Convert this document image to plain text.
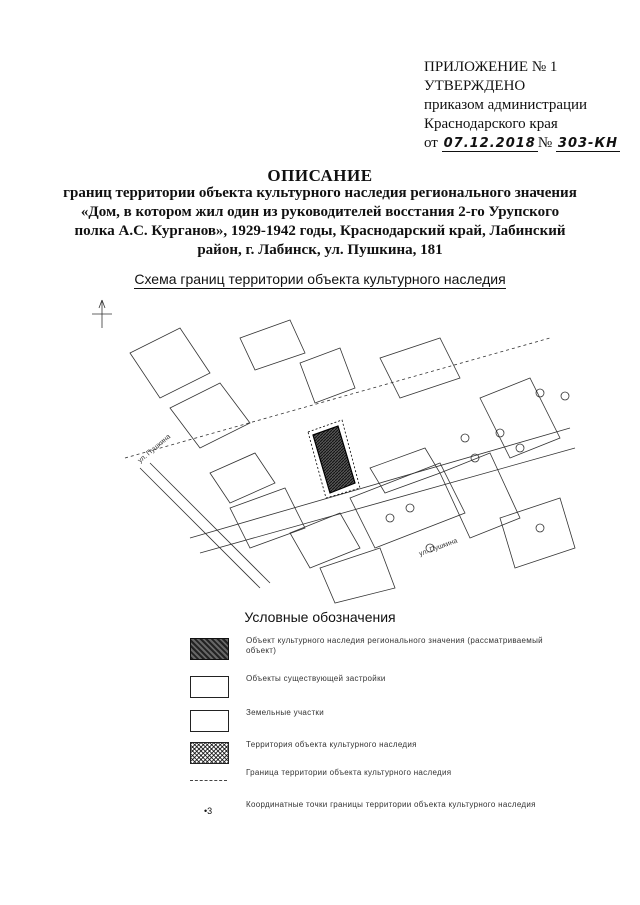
ПРИЛОЖЕНИЕ № 1
УТВЕРЖДЕНО
приказом администрации
Краснодарского края
от 07.12.2018 № 303-КН
ОПИСАНИЕ
границ территории объекта культурного наследия регионального значения «Дом, в котором жил один из руководителей восстания 2-го Урупского полка А.С. Курганов», 1929-1942 годы, Краснодарский край, Лабинский район, г. Лабинск, ул. Пушкина, 181
Схема границ территории объекта культурного наследия
ул. Пушкина
ул. Пушкина
Условные обозначения
Объект культурного наследия регионального значения (рассматриваемый объект)
Объекты существующей застройки
Земельные участки
Территория объекта культурного наследия
Граница территории объекта культурного наследия
•3
Координатные точки границы территории объекта культурного наследия
